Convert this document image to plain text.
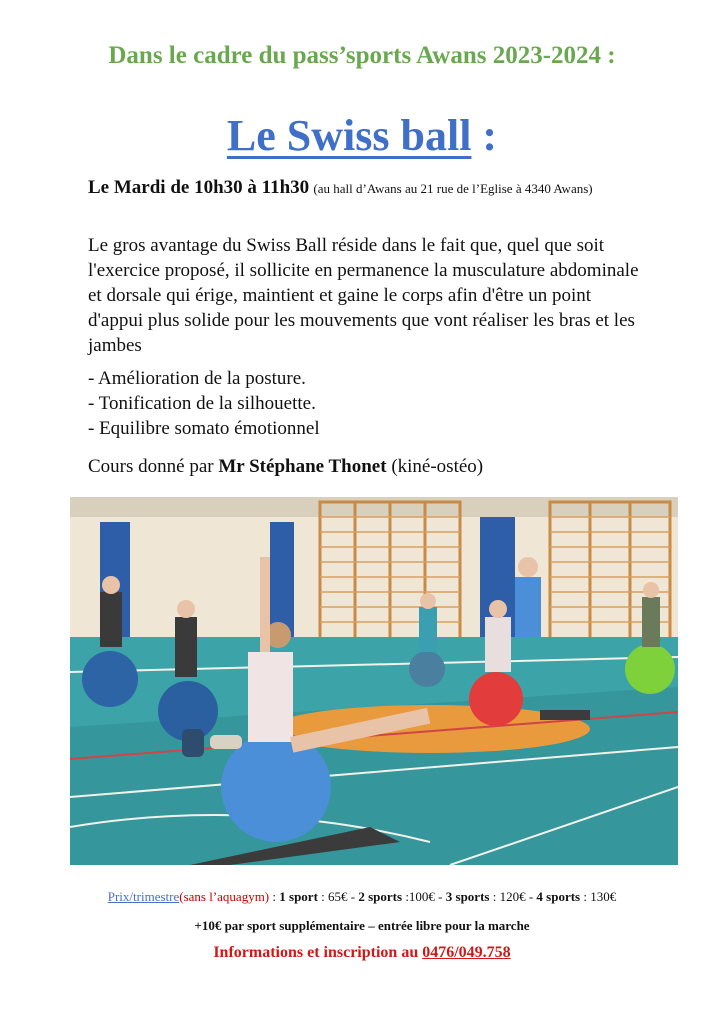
Dans le cadre du pass’sports Awans 2023-2024 :
Le Swiss ball :
Le Mardi de 10h30 à 11h30 (au hall d’Awans au 21 rue de l’Eglise à 4340 Awans)
Le gros avantage du Swiss Ball réside dans le fait que, quel que soit l'exercice proposé, il sollicite en permanence la musculature abdominale et dorsale qui érige, maintient et gaine le corps afin d'être un point d'appui plus solide pour les mouvements que vont réaliser les bras et les jambes
- Amélioration de la posture.
- Tonification de la silhouette.
- Equilibre somato émotionnel
Cours donné par Mr Stéphane Thonet (kiné-ostéo)
Prix/trimestre(sans l’aquagym) : 1 sport : 65€ - 2 sports :100€ - 3 sports : 120€ - 4 sports : 130€
+10€ par sport supplémentaire – entrée libre pour la marche
Informations et inscription au 0476/049.758
